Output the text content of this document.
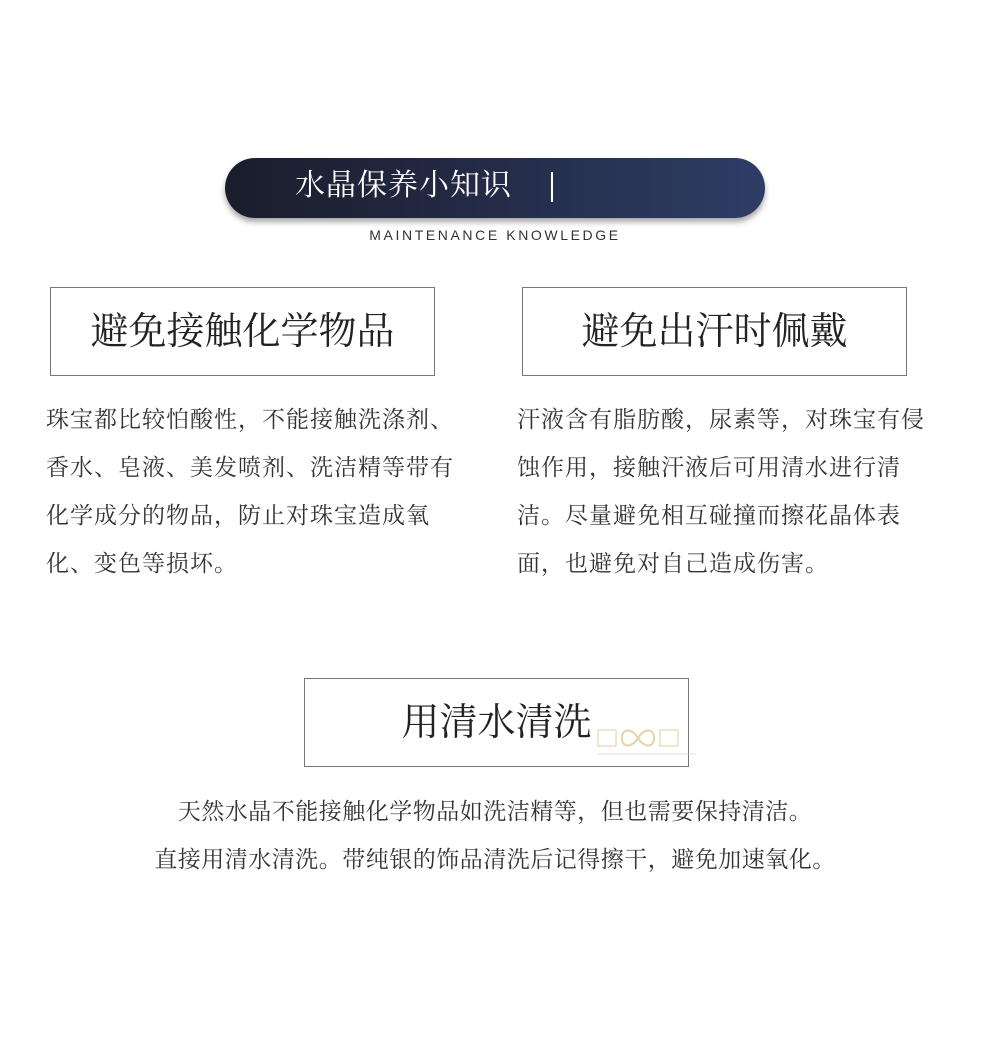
水晶保养小知识
MAINTENANCE KNOWLEDGE
避免接触化学物品
珠宝都比较怕酸性，不能接触洗涤剂、香水、皂液、美发喷剂、洗洁精等带有化学成分的物品，防止对珠宝造成氧化、变色等损坏。
避免出汗时佩戴
汗液含有脂肪酸，尿素等，对珠宝有侵蚀作用，接触汗液后可用清水进行清洁。尽量避免相互碰撞而擦花晶体表面，也避免对自己造成伤害。
用清水清洗
天然水晶不能接触化学物品如洗洁精等，但也需要保持清洁。
直接用清水清洗。带纯银的饰品清洗后记得擦干，避免加速氧化。
